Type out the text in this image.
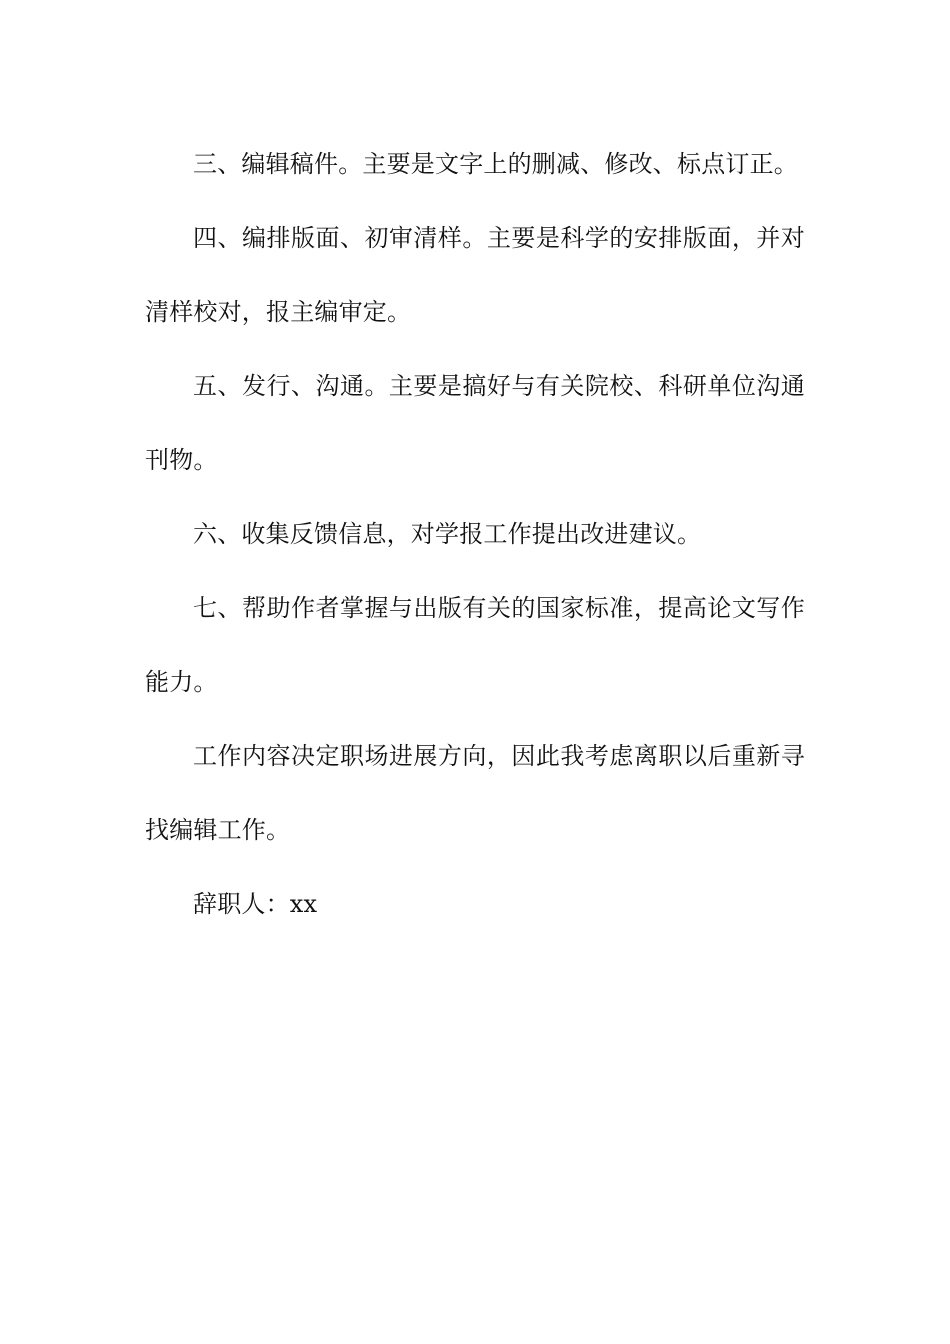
三、编辑稿件。主要是文字上的删减、修改、标点订正。

四、编排版面、初审清样。主要是科学的安排版面，并对清样校对，报主编审定。

五、发行、沟通。主要是搞好与有关院校、科研单位沟通刊物。

六、收集反馈信息，对学报工作提出改进建议。

七、帮助作者掌握与出版有关的国家标准，提高论文写作能力。

工作内容决定职场进展方向，因此我考虑离职以后重新寻找编辑工作。

辞职人：xx
